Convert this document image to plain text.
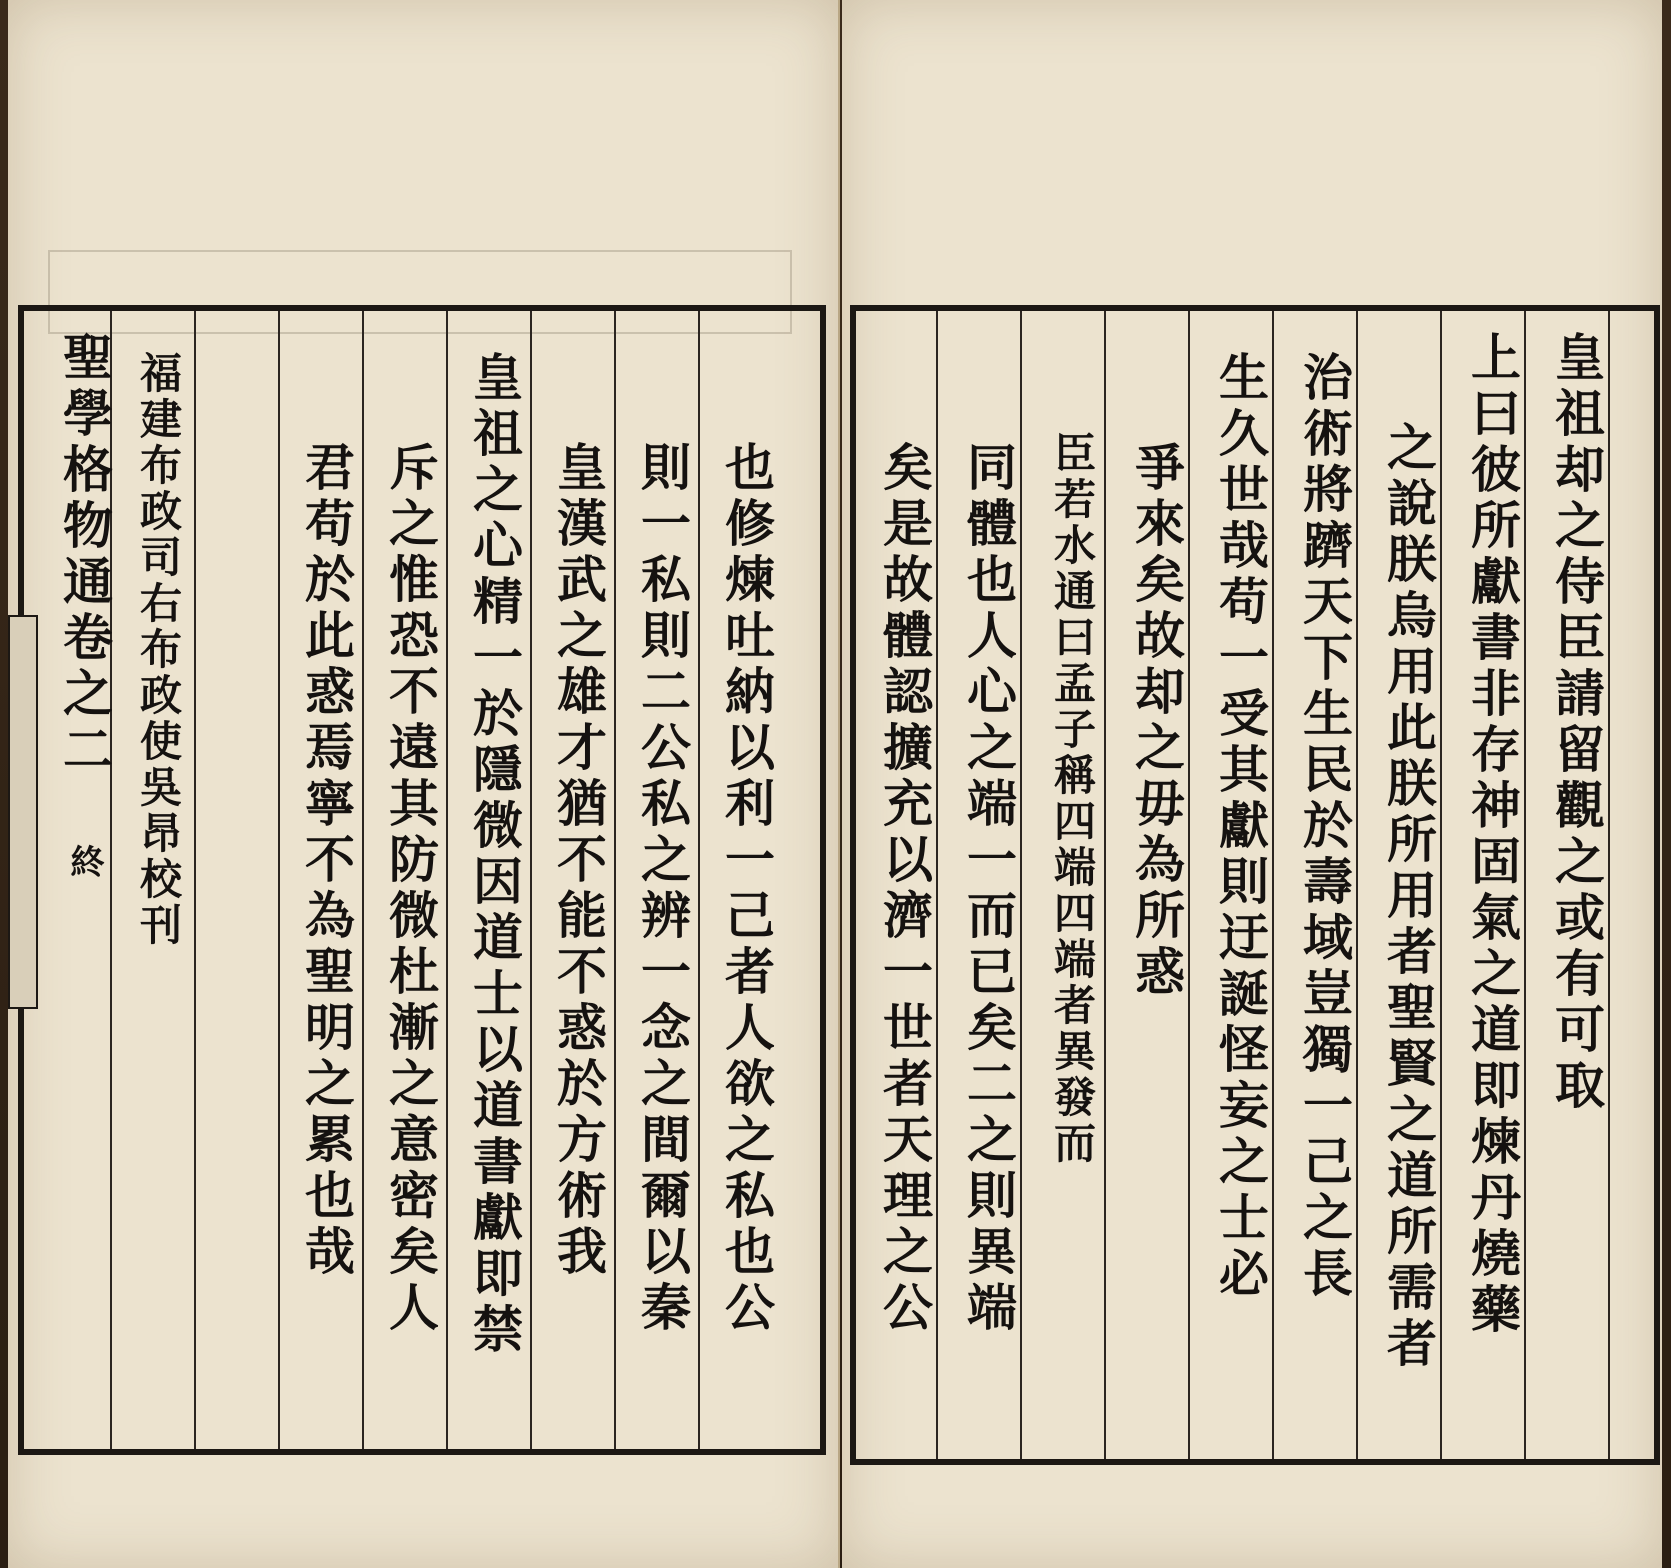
聖學格物通卷之二 終 福建布政司右布政使吳昂校刊 君苟於此惑焉寧不為聖明之累也哉 斥之惟恐不遠其防微杜漸之意密矣人 皇祖之心精一於隱微因道士以道書獻即禁 皇漢武之雄才猶不能不惑於方術我 則一私則二公私之辨一念之間爾以秦 也修煉吐納以利一己者人欲之私也公	皇祖却之侍臣請留觀之或有可取
上曰彼所獻書非存神固氣之道即煉丹燒藥
之說朕烏用此朕所用者聖賢之道所需者
治術將躋天下生民於壽域豈獨一己之長
生久世哉苟一受其獻則迂誕怪妄之士必
爭來矣故却之毋為所惑
臣若水通曰孟子稱四端四端者異發而
同體也人心之端一而已矣二之則異端
矣是故體認擴充以濟一世者天理之公
